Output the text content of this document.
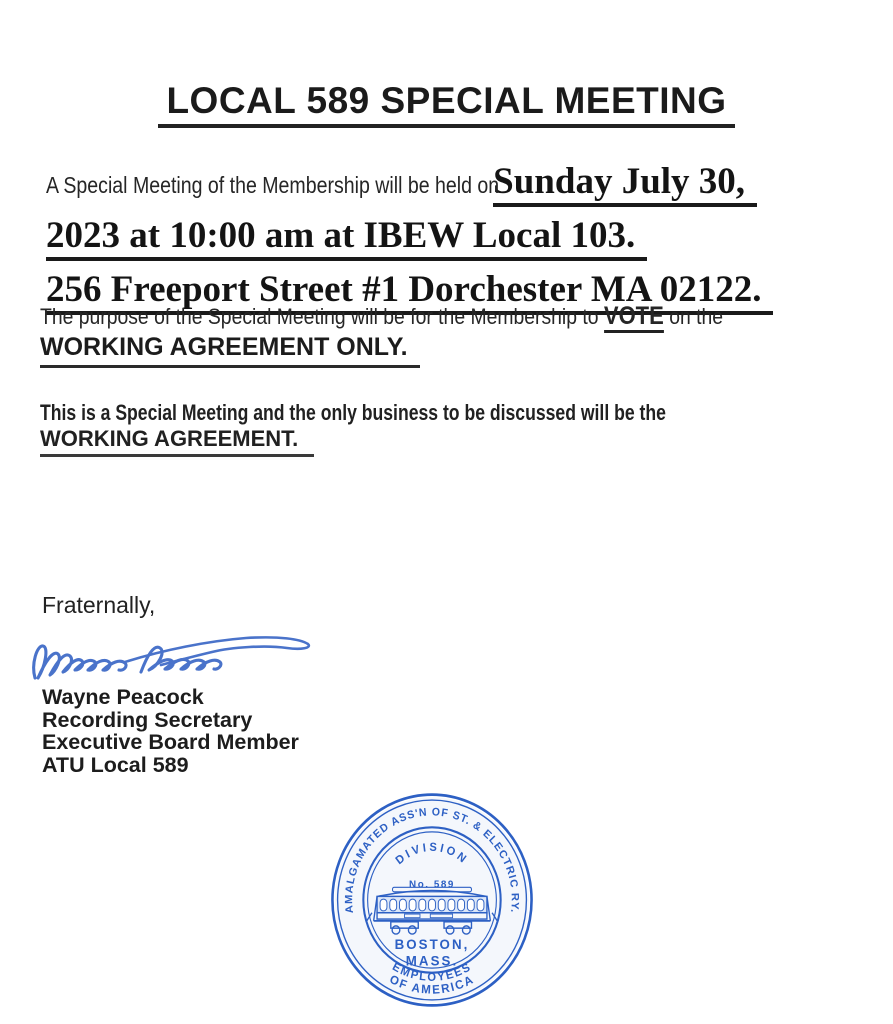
LOCAL 589 SPECIAL MEETING
A Special Meeting of the Membership will be held onSunday July 30,
2023 at 10:00 am at IBEW Local 103.
256 Freeport Street #1 Dorchester MA 02122.
The purpose of the Special Meeting will be for the Membership to VOTE on the
WORKING AGREEMENT ONLY.
This is a Special Meeting and the only business to be discussed will be the
WORKING AGREEMENT.
Fraternally,
Wayne Peacock
Recording Secretary
Executive Board Member
ATU Local 589
AMALGAMATED ASS'N OF ST. & ELECTRIC RY.
DIVISION
EMPLOYEES
OF AMERICA
No. 589
BOSTON,
MASS.
